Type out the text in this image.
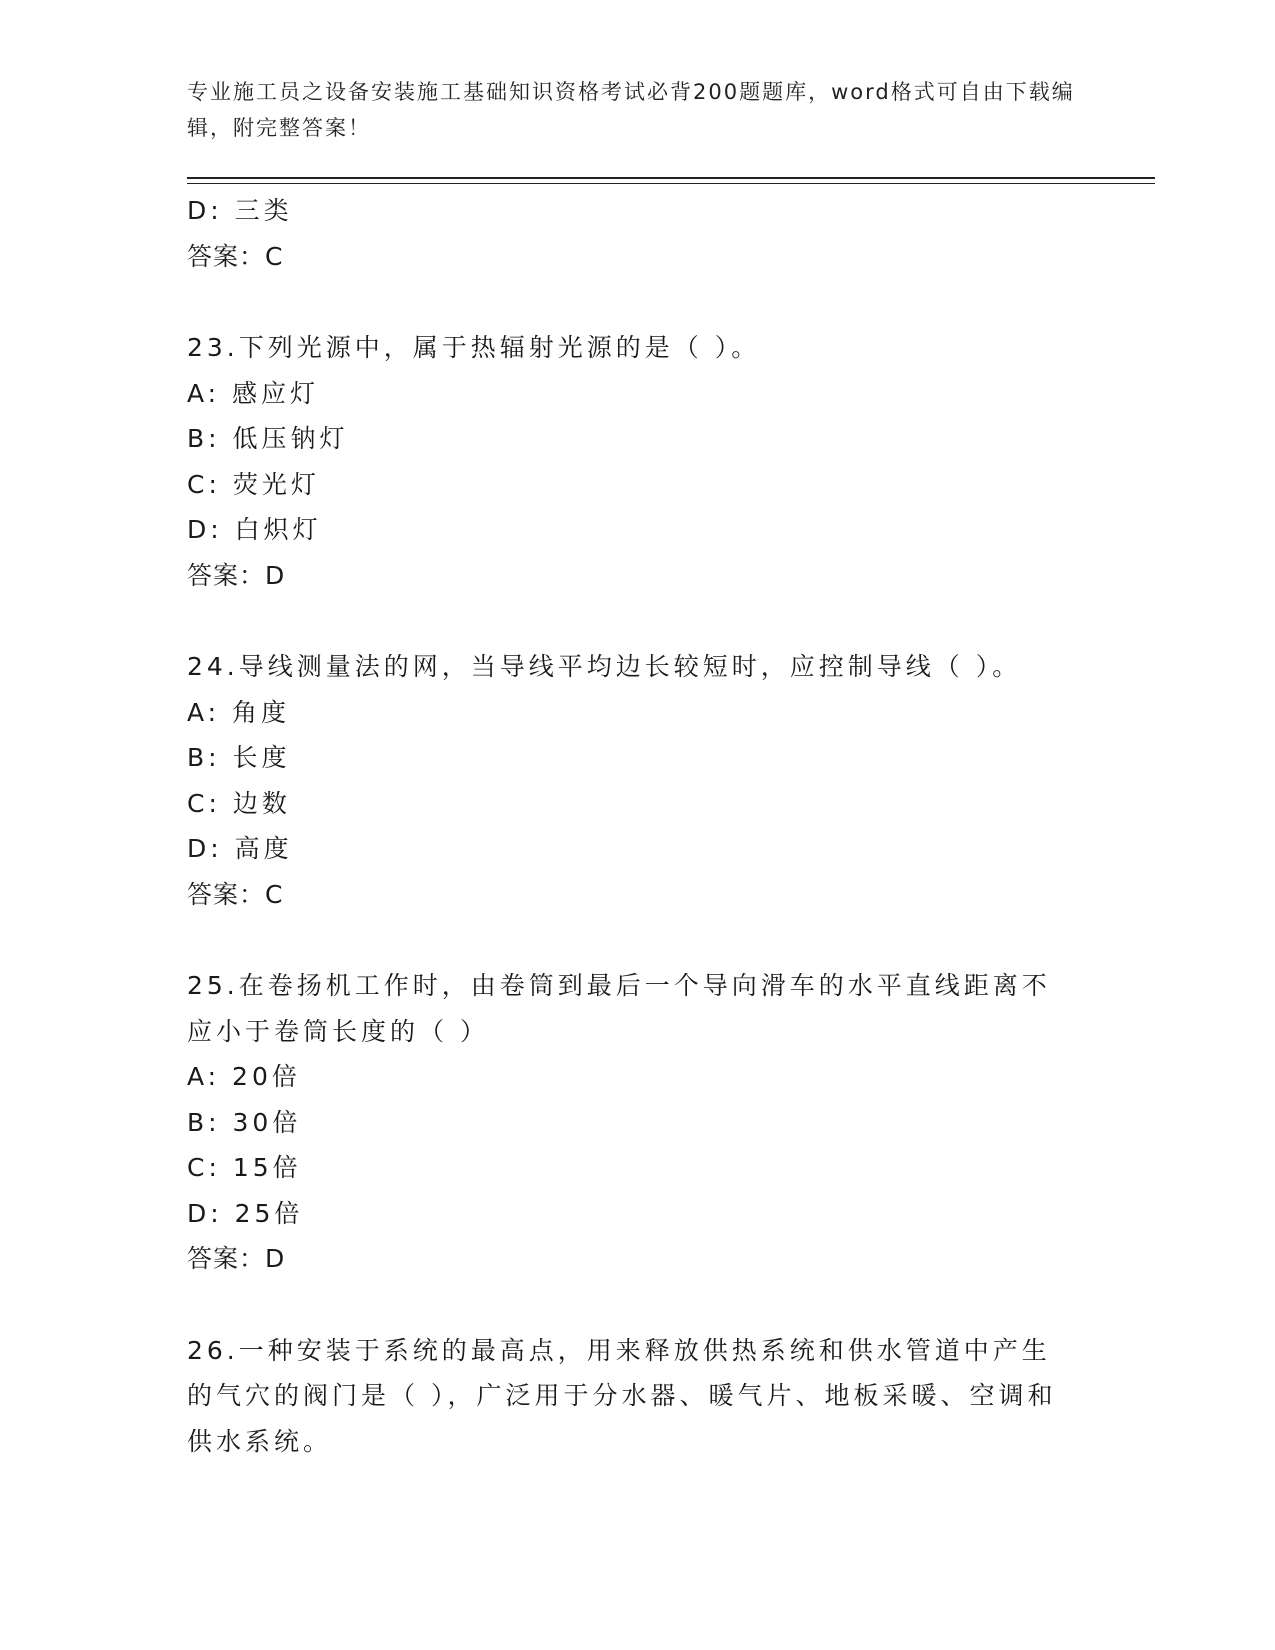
专业施工员之设备安装施工基础知识资格考试必背200题题库，word格式可自由下载编辑，附完整答案！
D: 三类
答案：C
23.下列光源中，属于热辐射光源的是（ ）。
A: 感应灯
B: 低压钠灯
C: 荧光灯
D: 白炽灯
答案：D
24.导线测量法的网，当导线平均边长较短时，应控制导线（ ）。
A: 角度
B: 长度
C: 边数
D: 高度
答案：C
25.在卷扬机工作时，由卷筒到最后一个导向滑车的水平直线距离不应小于卷筒长度的（ ）
A: 20倍
B: 30倍
C: 15倍
D: 25倍
答案：D
26.一种安装于系统的最高点，用来释放供热系统和供水管道中产生的气穴的阀门是（ ），广泛用于分水器、暖气片、地板采暖、空调和供水系统。
